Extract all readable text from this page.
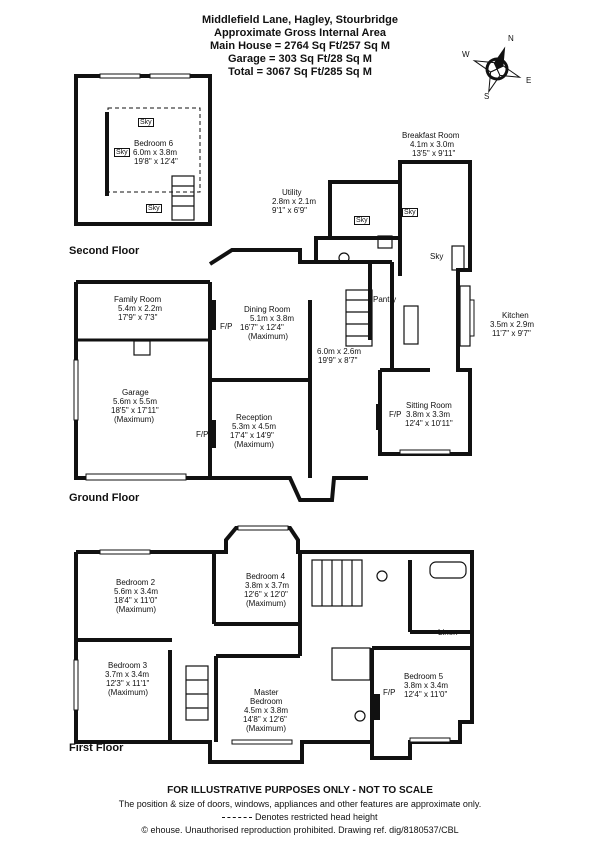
Middlefield Lane, Hagley, Stourbridge
Approximate Gross Internal Area
Main House = 2764 Sq Ft/257 Sq M
Garage = 303 Sq Ft/28 Sq M
Total = 3067 Sq Ft/285 Sq M
N
E
S
W
Sky
Sky
Sky
Sky
Sky
Sky
Bedroom 6
6.0m x 3.8m
19'8" x 12'4"
Second Floor
Breakfast Room
4.1m x 3.0m
13'5" x 9'11"
Utility
2.8m x 2.1m
9'1" x 6'9"
Family Room
5.4m x 2.2m
17'9" x 7'3"
Dining Room
5.1m x 3.8m
16'7" x 12'4"
(Maximum)
F/P
Pantry
Kitchen
3.5m x 2.9m
11'7" x 9'7"
6.0m x 2.6m
19'9" x 8'7"
Garage
5.6m x 5.5m
18'5" x 17'11"
(Maximum)	Reception
5.3m x 4.5m
17'4" x 14'9"
(Maximum)
F/P
Sitting Room
3.8m x 3.3m
12'4" x 10'11"
F/P
Ground Floor
Bedroom 2
5.6m x 3.4m
18'4" x 11'0"
(Maximum)
Bedroom 4
3.8m x 3.7m
12'6" x 12'0"
(Maximum)
Linen
Bedroom 3
3.7m x 3.4m
12'3" x 11'1"
(Maximum)	Master
Bedroom
4.5m x 3.8m
14'8" x 12'6"
(Maximum)
Bedroom 5
3.8m x 3.4m
12'4" x 11'0"
F/P
First Floor
FOR ILLUSTRATIVE PURPOSES ONLY - NOT TO SCALE
The position & size of doors, windows, appliances and other features are approximate only.
Denotes restricted head height
© ehouse. Unauthorised reproduction prohibited. Drawing ref. dig/8180537/CBL
